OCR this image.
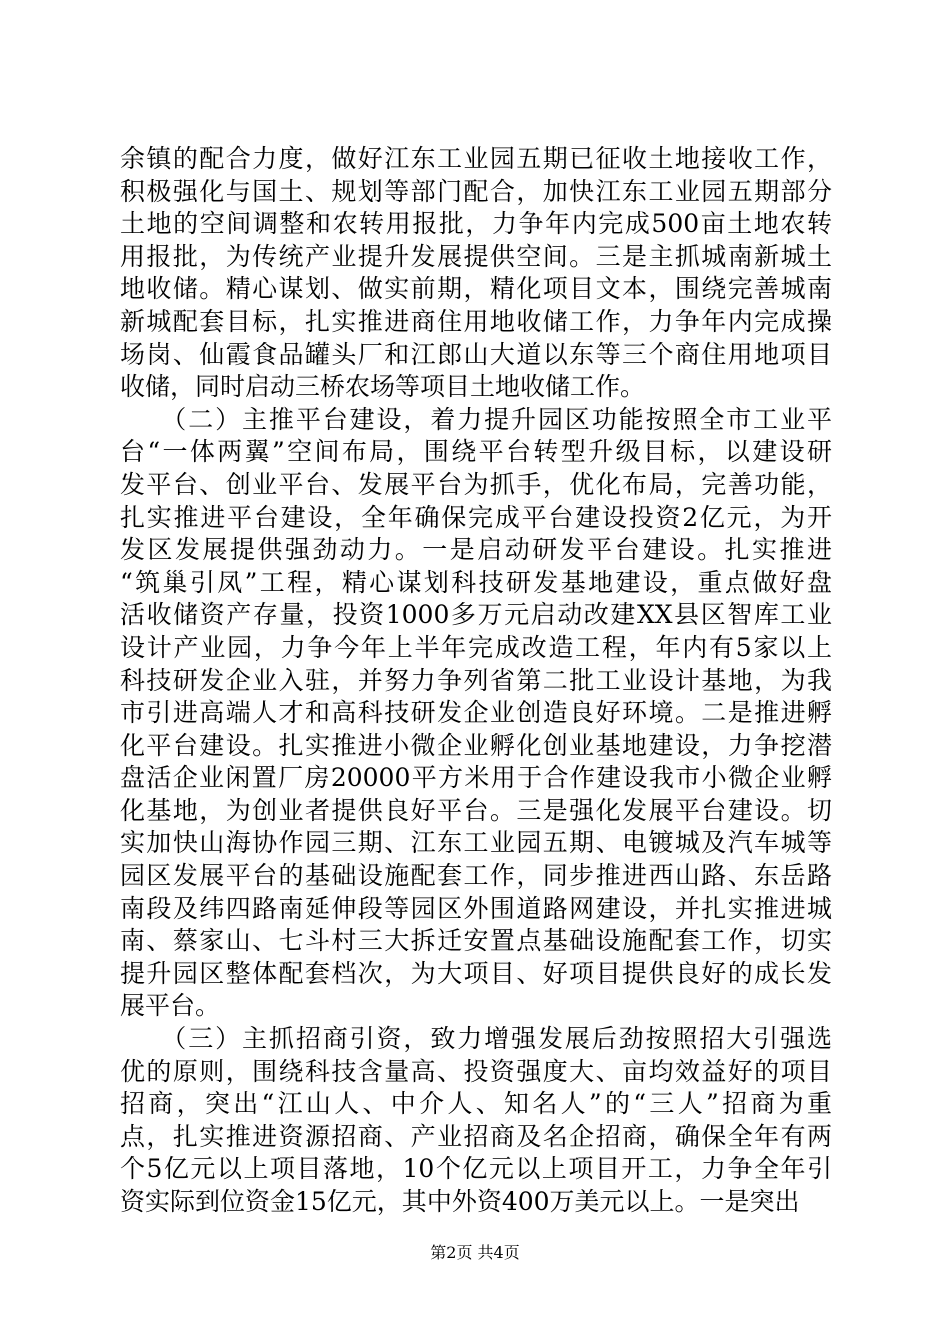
余镇的配合力度，做好江东工业园五期已征收土地接收工作，
积极强化与国土、规划等部门配合，加快江东工业园五期部分
土地的空间调整和农转用报批，力争年内完成500亩土地农转
用报批，为传统产业提升发展提供空间。三是主抓城南新城土
地收储。精心谋划、做实前期，精化项目文本，围绕完善城南
新城配套目标，扎实推进商住用地收储工作，力争年内完成操
场岗、仙霞食品罐头厂和江郎山大道以东等三个商住用地项目
收储，同时启动三桥农场等项目土地收储工作。
　　（二）主推平台建设，着力提升园区功能按照全市工业平
台“一体两翼”空间布局，围绕平台转型升级目标，以建设研
发平台、创业平台、发展平台为抓手，优化布局，完善功能，
扎实推进平台建设，全年确保完成平台建设投资2亿元，为开
发区发展提供强劲动力。一是启动研发平台建设。扎实推进
“筑巢引凤”工程，精心谋划科技研发基地建设，重点做好盘
活收储资产存量，投资1000多万元启动改建XX县区智库工业
设计产业园，力争今年上半年完成改造工程，年内有5家以上
科技研发企业入驻，并努力争列省第二批工业设计基地，为我
市引进高端人才和高科技研发企业创造良好环境。二是推进孵
化平台建设。扎实推进小微企业孵化创业基地建设，力争挖潜
盘活企业闲置厂房20000平方米用于合作建设我市小微企业孵
化基地，为创业者提供良好平台。三是强化发展平台建设。切
实加快山海协作园三期、江东工业园五期、电镀城及汽车城等
园区发展平台的基础设施配套工作，同步推进西山路、东岳路
南段及纬四路南延伸段等园区外围道路网建设，并扎实推进城
南、蔡家山、七斗村三大拆迁安置点基础设施配套工作，切实
提升园区整体配套档次，为大项目、好项目提供良好的成长发
展平台。
　　（三）主抓招商引资，致力增强发展后劲按照招大引强选
优的原则，围绕科技含量高、投资强度大、亩均效益好的项目
招商，突出“江山人、中介人、知名人”的“三人”招商为重
点，扎实推进资源招商、产业招商及名企招商，确保全年有两
个5亿元以上项目落地，10个亿元以上项目开工，力争全年引
资实际到位资金15亿元，其中外资400万美元以上。一是突出
第2页 共4页
